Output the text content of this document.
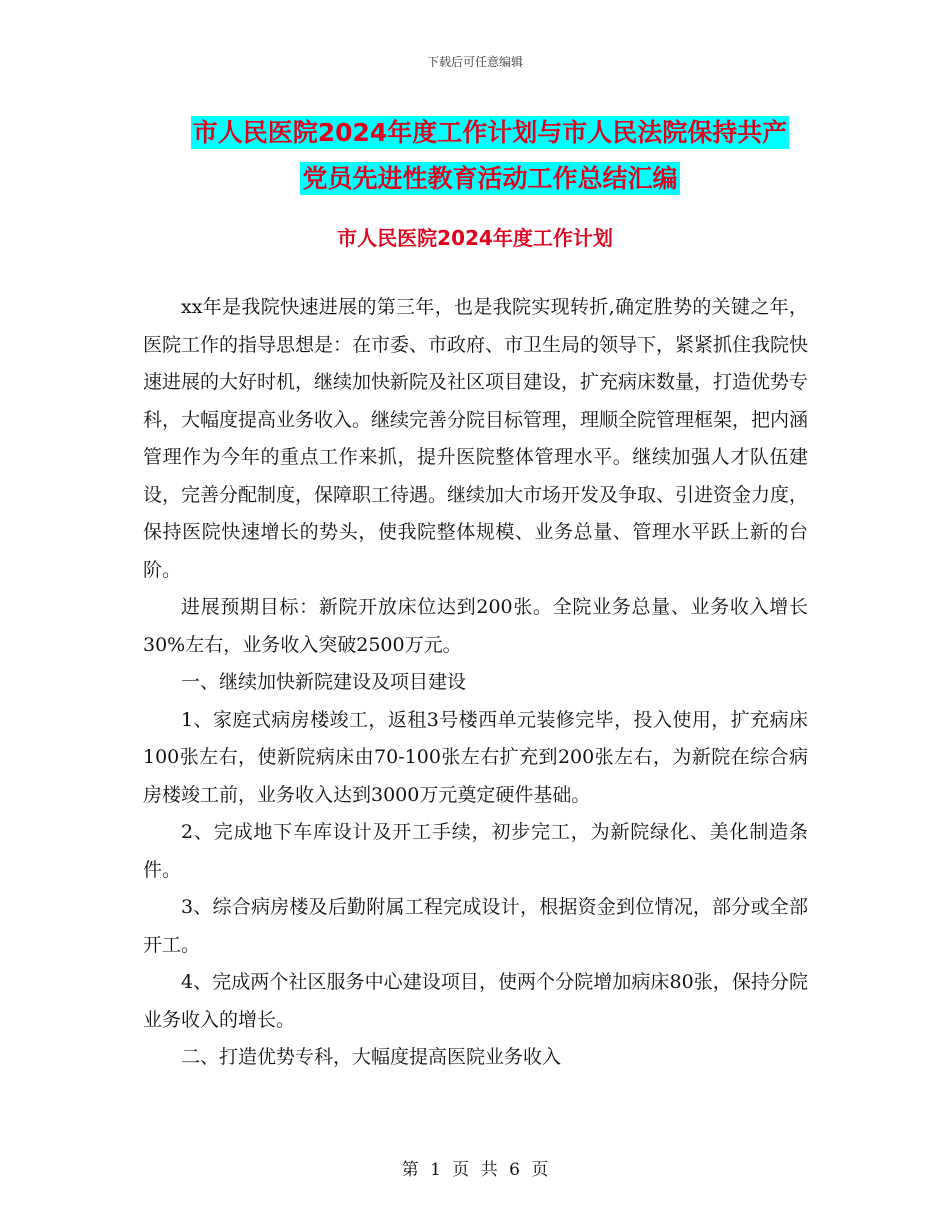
下载后可任意编辑
市人民医院2024年度工作计划与市人民法院保持共产
党员先进性教育活动工作总结汇编
市人民医院2024年度工作计划

xx年是我院快速进展的第三年，也是我院实现转折,确定胜势的关键之年，医院工作的指导思想是：在市委、市政府、市卫生局的领导下，紧紧抓住我院快速进展的大好时机，继续加快新院及社区项目建设，扩充病床数量，打造优势专科，大幅度提高业务收入。继续完善分院目标管理，理顺全院管理框架，把内涵管理作为今年的重点工作来抓，提升医院整体管理水平。继续加强人才队伍建设，完善分配制度，保障职工待遇。继续加大市场开发及争取、引进资金力度，保持医院快速增长的势头，使我院整体规模、业务总量、管理水平跃上新的台阶。

进展预期目标：新院开放床位达到200张。全院业务总量、业务收入增长30%左右，业务收入突破2500万元。

一、继续加快新院建设及项目建设

1、家庭式病房楼竣工，返租3号楼西单元装修完毕，投入使用，扩充病床100张左右，使新院病床由70-100张左右扩充到200张左右，为新院在综合病房楼竣工前，业务收入达到3000万元奠定硬件基础。

2、完成地下车库设计及开工手续，初步完工，为新院绿化、美化制造条件。

3、综合病房楼及后勤附属工程完成设计，根据资金到位情况，部分或全部开工。

4、完成两个社区服务中心建设项目，使两个分院增加病床80张，保持分院业务收入的增长。

二、打造优势专科，大幅度提高医院业务收入

第 1 页 共 6 页
